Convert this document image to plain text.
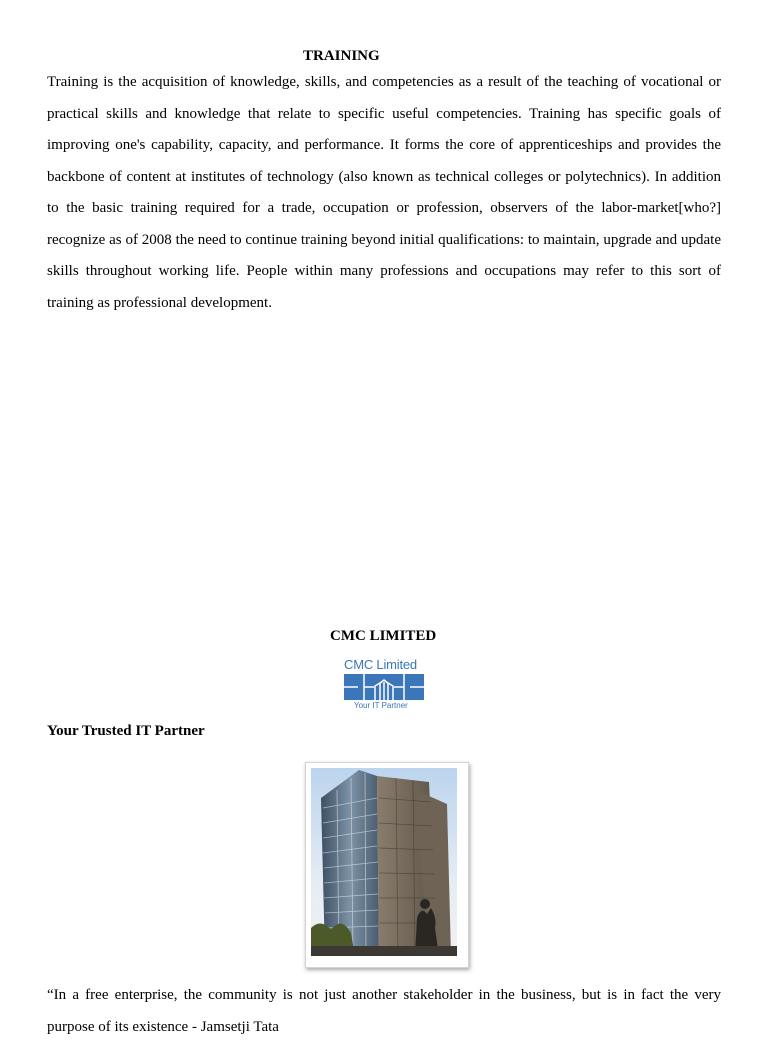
TRAINING
Training is the acquisition of knowledge, skills, and competencies as a result of the teaching of vocational or practical skills and knowledge that relate to specific useful competencies. Training has specific goals of improving one's capability, capacity, and performance. It forms the core of apprenticeships and provides the backbone of content at institutes of technology (also known as technical colleges or polytechnics). In addition to the basic training required for a trade, occupation or profession, observers of the labor-market[who?] recognize as of 2008 the need to continue training beyond initial qualifications: to maintain, upgrade and update skills throughout working life. People within many professions and occupations may refer to this sort of training as professional development.
CMC LIMITED
CMC Limited
Your IT Partner
Your Trusted IT Partner
“In a free enterprise, the community is not just another stakeholder in the business, but is in fact the very purpose of its existence - Jamsetji Tata
